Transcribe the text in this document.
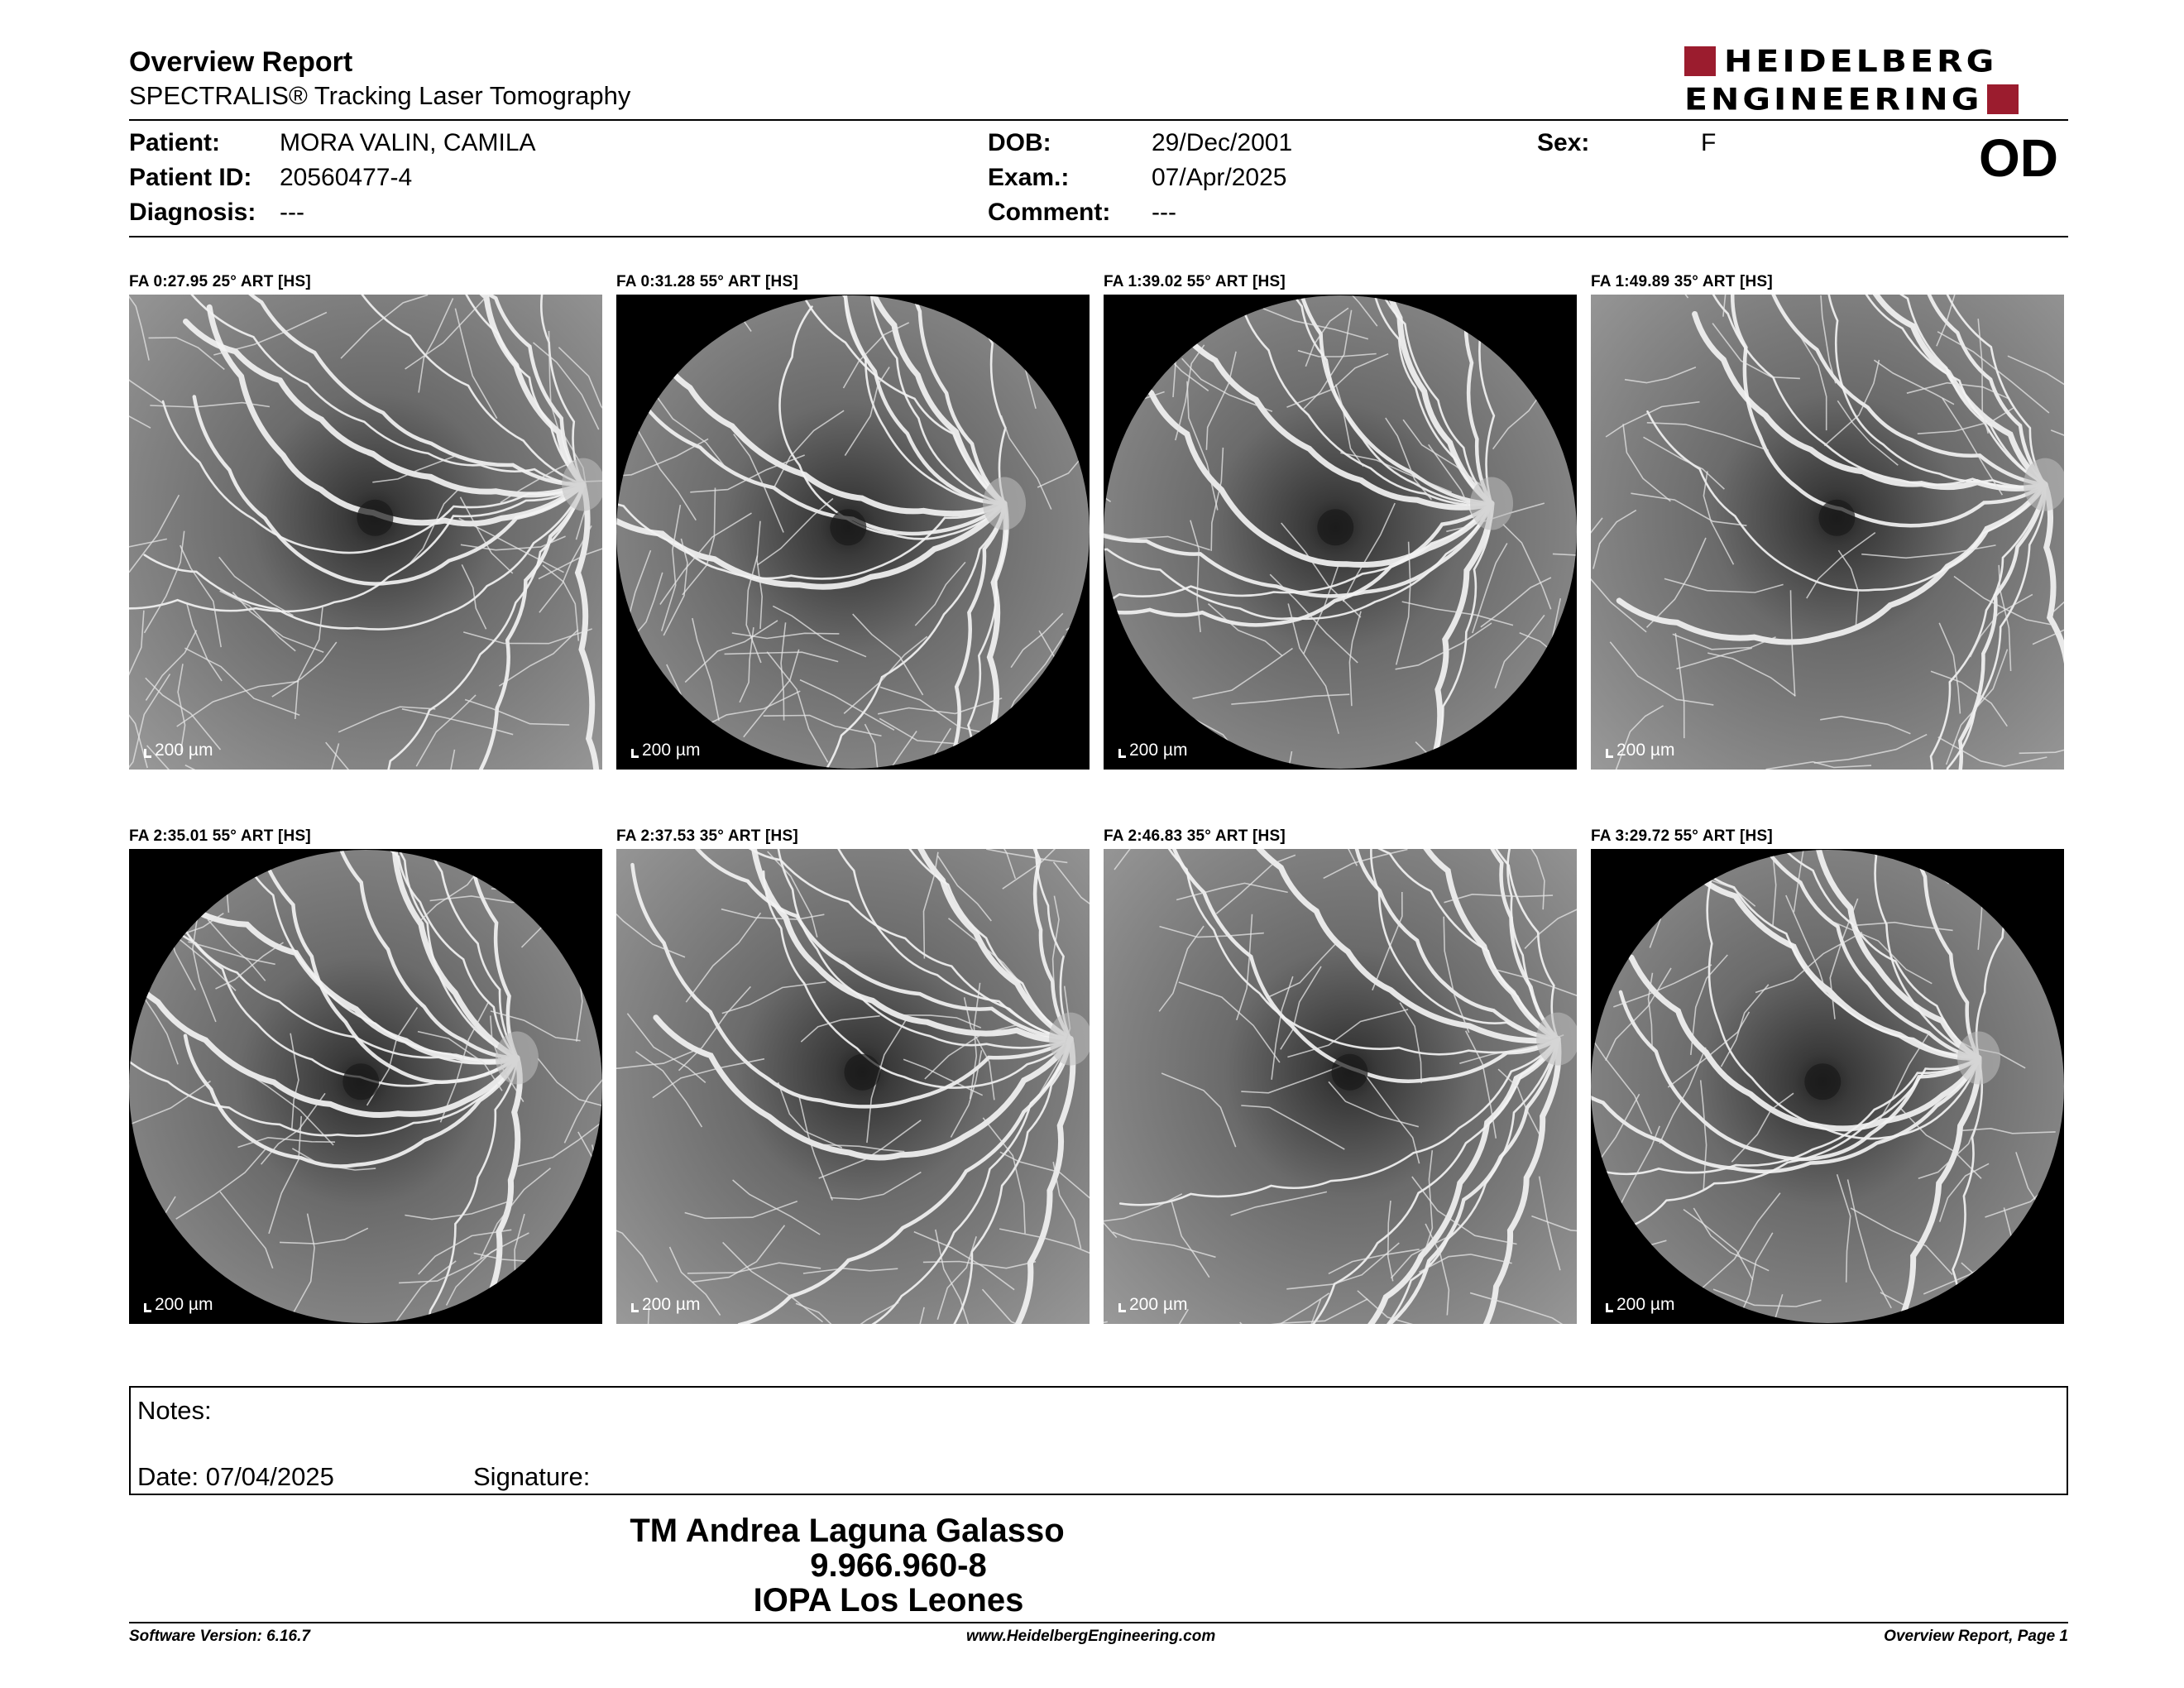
Overview Report
SPECTRALIS® Tracking Laser Tomography
HEIDELBERG
ENGINEERING
Patient: MORA VALIN, CAMILA
Patient ID: 20560477-4
Diagnosis: ---
DOB:	29/Dec/2001
Exam.:	07/Apr/2025
Comment: ---
Sex:	F	OD
FA 0:27.95 25° ART [HS]
200 µm
FA 0:31.28 55° ART [HS]
200 µm
FA 1:39.02 55° ART [HS]
200 µm
FA 1:49.89 35° ART [HS]
200 µm
FA 2:35.01 55° ART [HS]
200 µm
FA 2:37.53 35° ART [HS]
200 µm
FA 2:46.83 35° ART [HS]
200 µm
FA 3:29.72 55° ART [HS]
200 µm
Notes:
Date: 07/04/2025	Signature:
TM Andrea Laguna Galasso
9.966.960-8
IOPA Los Leones
Software Version: 6.16.7	www.HeidelbergEngineering.com	Overview Report, Page 1
